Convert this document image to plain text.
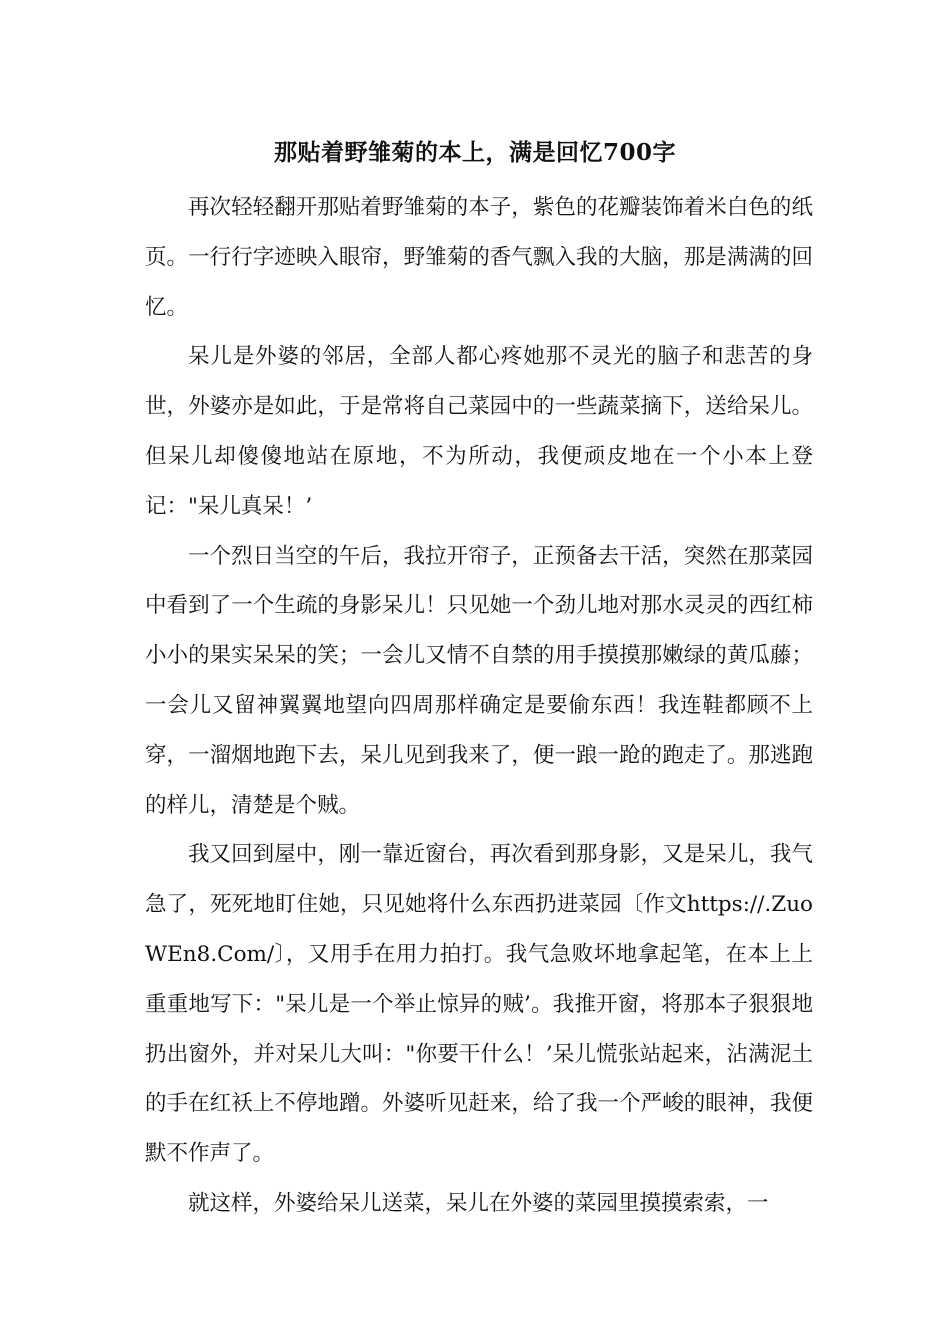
那贴着野雏菊的本上，满是回忆700字

再次轻轻翻开那贴着野雏菊的本子，紫色的花瓣装饰着米白色的纸页。一行行字迹映入眼帘，野雏菊的香气飘入我的大脑，那是满满的回忆。

呆儿是外婆的邻居，全部人都心疼她那不灵光的脑子和悲苦的身世，外婆亦是如此，于是常将自己菜园中的一些蔬菜摘下，送给呆儿。但呆儿却傻傻地站在原地，不为所动，我便顽皮地在一个小本上登记："呆儿真呆！’

一个烈日当空的午后，我拉开帘子，正预备去干活，突然在那菜园中看到了一个生疏的身影呆儿！只见她一个劲儿地对那水灵灵的西红柿小小的果实呆呆的笑；一会儿又情不自禁的用手摸摸那嫩绿的黄瓜藤；一会儿又留神翼翼地望向四周那样确定是要偷东西！我连鞋都顾不上穿，一溜烟地跑下去，呆儿见到我来了，便一踉一跄的跑走了。那逃跑的样儿，清楚是个贼。

我又回到屋中，刚一靠近窗台，再次看到那身影，又是呆儿，我气急了，死死地盯住她，只见她将什么东西扔进菜园〔作文https://.ZuoWEn8.Com/〕，又用手在用力拍打。我气急败坏地拿起笔，在本上上重重地写下："呆儿是一个举止惊异的贼’。我推开窗，将那本子狠狠地扔出窗外，并对呆儿大叫："你要干什么！’呆儿慌张站起来，沾满泥土的手在红袄上不停地蹭。外婆听见赶来，给了我一个严峻的眼神，我便默不作声了。

就这样，外婆给呆儿送菜，呆儿在外婆的菜园里摸摸索索，一
